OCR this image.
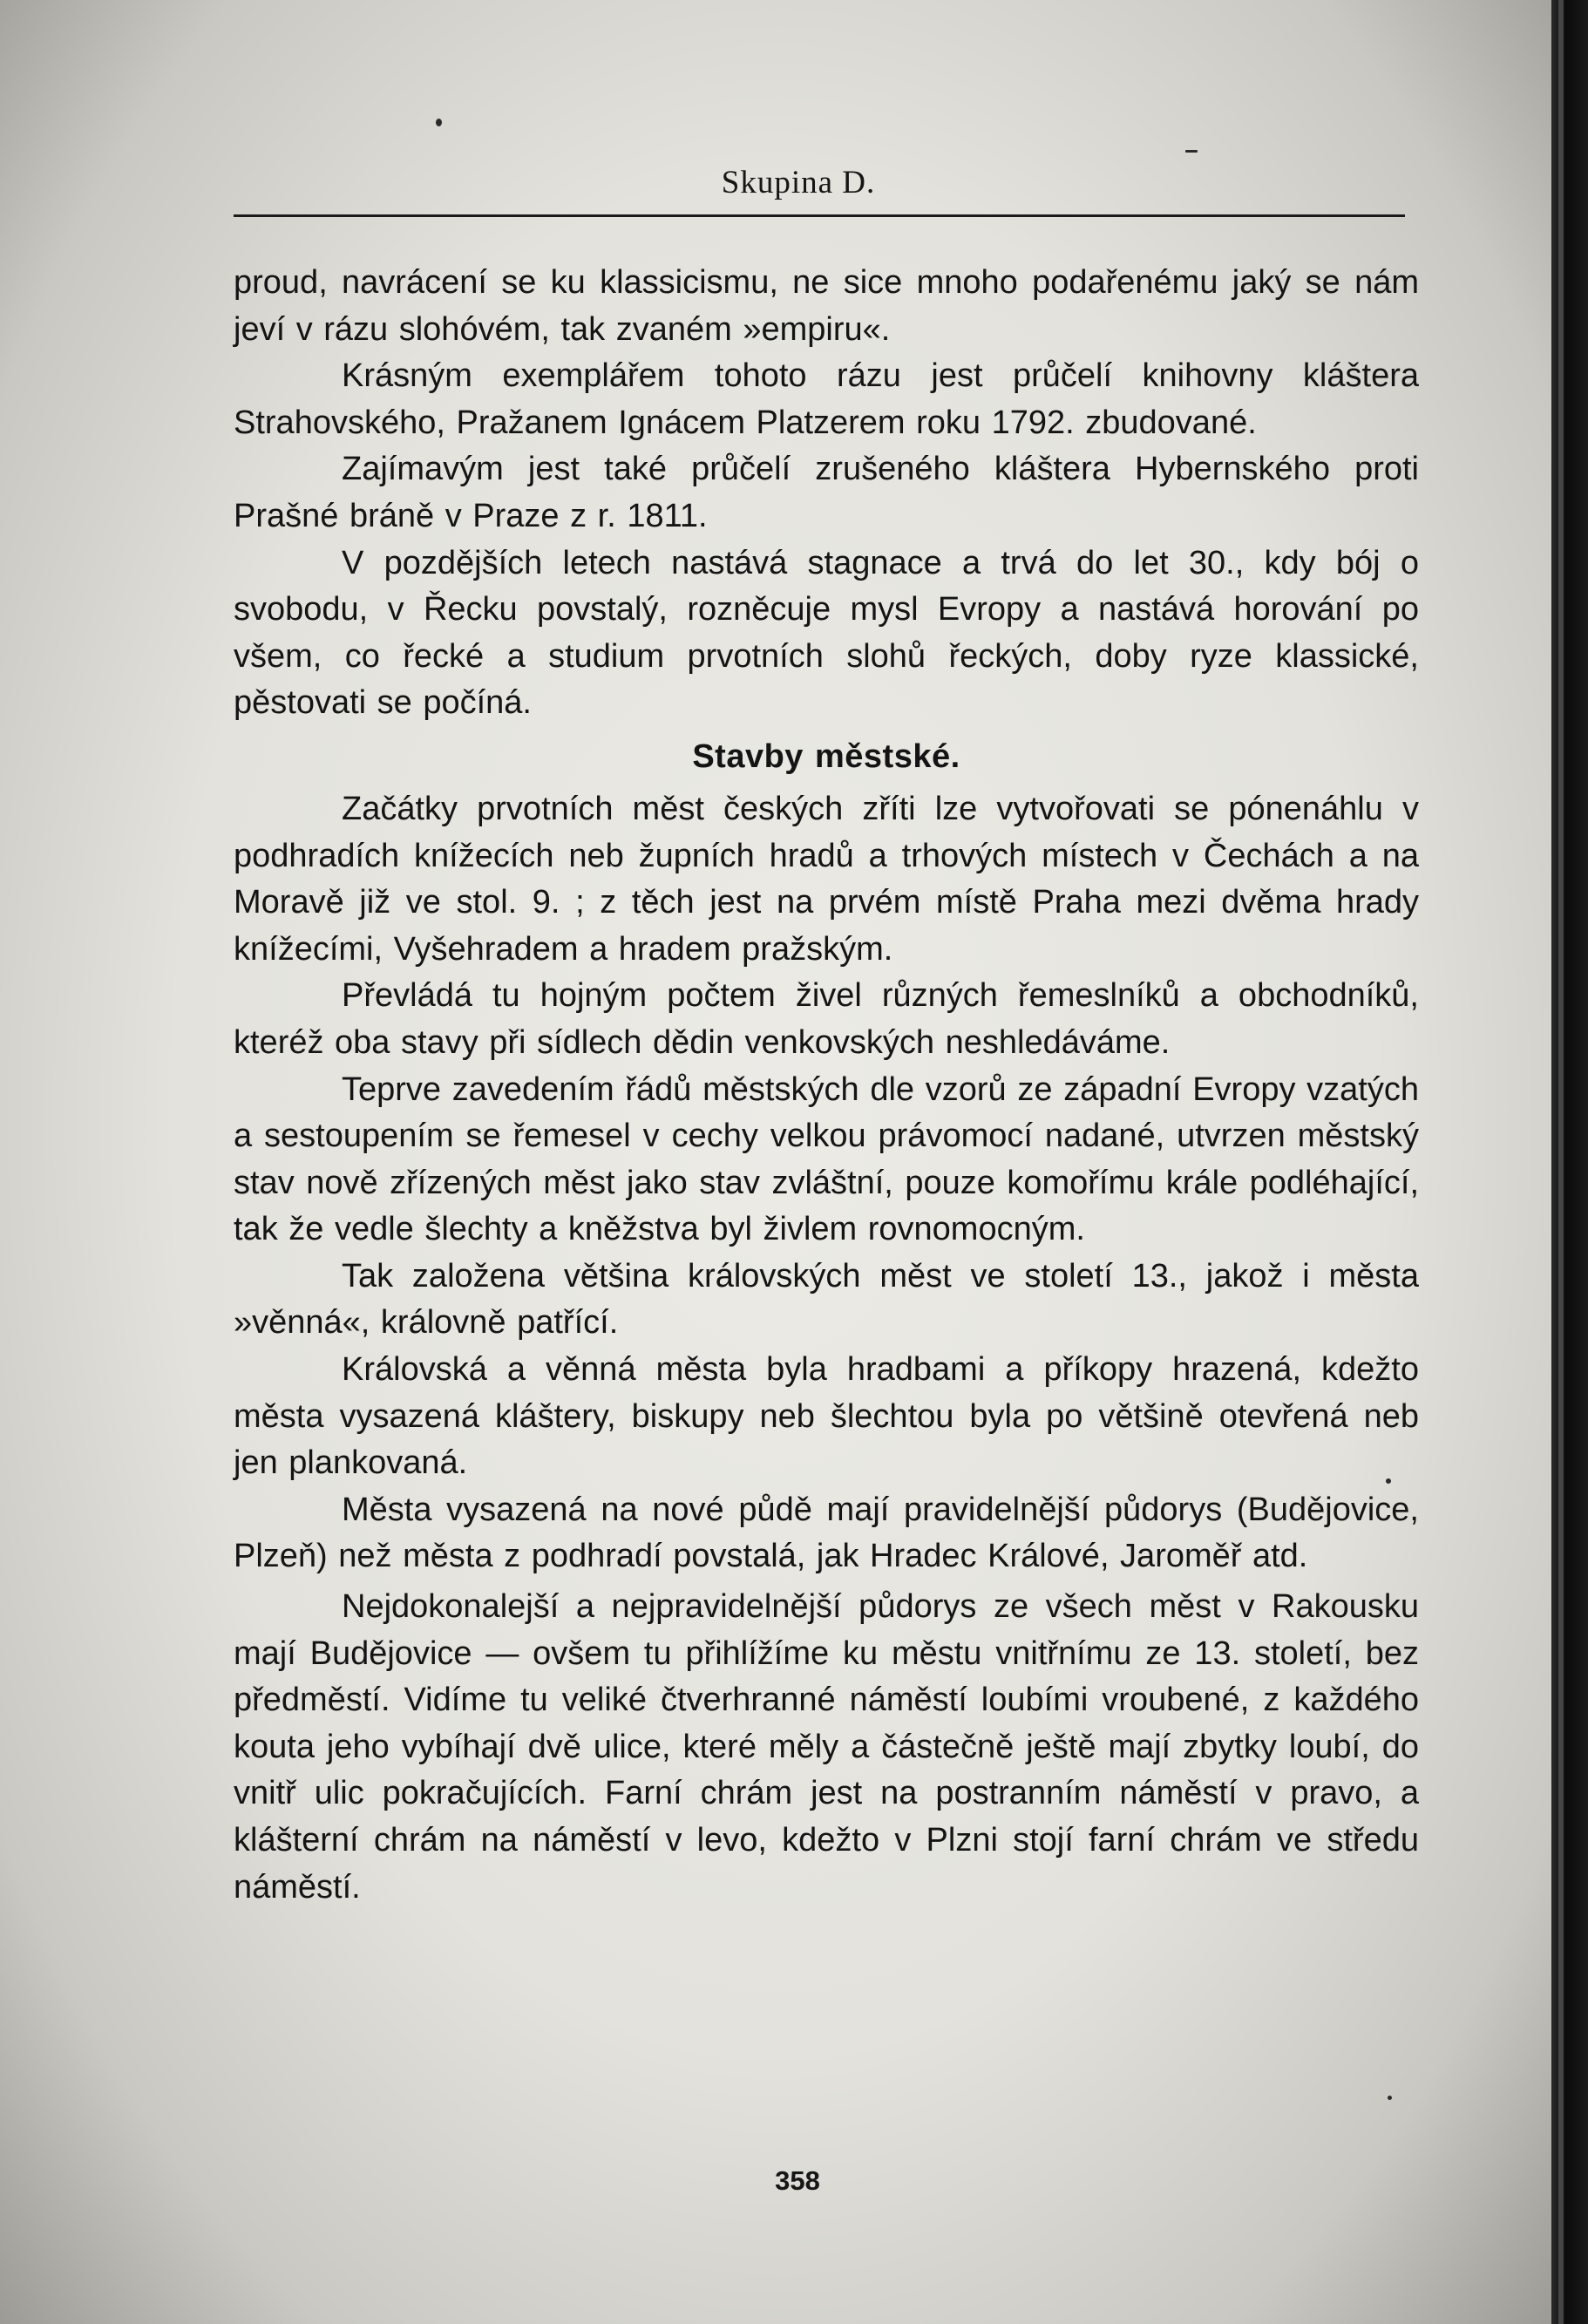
Skupina D.

proud, navrácení se ku klassicismu, ne sice mnoho podařenému jaký se nám jeví v rázu slohóvém, tak zvaném »empiru«.

Krásným exemplářem tohoto rázu jest průčelí knihovny kláštera Strahovského, Pražanem Ignácem Platzerem roku 1792. zbudované.

Zajímavým jest také průčelí zrušeného kláštera Hybernského proti Prašné bráně v Praze z r. 1811.

V pozdějších letech nastává stagnace a trvá do let 30., kdy bój o svobodu, v Řecku povstalý, rozněcuje mysl Evropy a nastává horování po všem, co řecké a studium prvotních slohů řeckých, doby ryze klassické, pěstovati se počíná.

Stavby městské.

Začátky prvotních měst českých zříti lze vytvořovati se pónenáhlu v podhradích knížecích neb župních hradů a trhových místech v Čechách a na Moravě již ve stol. 9. ; z těch jest na prvém místě Praha mezi dvěma hrady knížecími, Vyšehradem a hradem pražským.

Převládá tu hojným počtem živel různých řemeslníků a obchodníků, kteréž oba stavy při sídlech dědin venkovských neshledáváme.

Teprve zavedením řádů městských dle vzorů ze západní Evropy vzatých a sestoupením se řemesel v cechy velkou právomocí nadané, utvrzen městský stav nově zřízených měst jako stav zvláštní, pouze komořímu krále podléhající, tak že vedle šlechty a kněžstva byl živlem rovnomocným.

Tak založena většina královských měst ve století 13., jakož i města »věnná«, královně patřící.

Královská a věnná města byla hradbami a příkopy hrazená, kdežto města vysazená kláštery, biskupy neb šlechtou byla po většině otevřená neb jen plankovaná.

Města vysazená na nové půdě mají pravidelnější půdorys (Budějovice, Plzeň) než města z podhradí povstalá, jak Hradec Králové, Jaroměř atd.

Nejdokonalejší a nejpravidelnější půdorys ze všech měst v Rakousku mají Budějovice — ovšem tu přihlížíme ku městu vnitřnímu ze 13. století, bez předměstí. Vidíme tu veliké čtverhranné náměstí loubími vroubené, z každého kouta jeho vybíhají dvě ulice, které měly a částečně ještě mají zbytky loubí, do vnitř ulic pokračujících. Farní chrám jest na postranním náměstí v pravo, a klášterní chrám na náměstí v levo, kdežto v Plzni stojí farní chrám ve středu náměstí.

358
